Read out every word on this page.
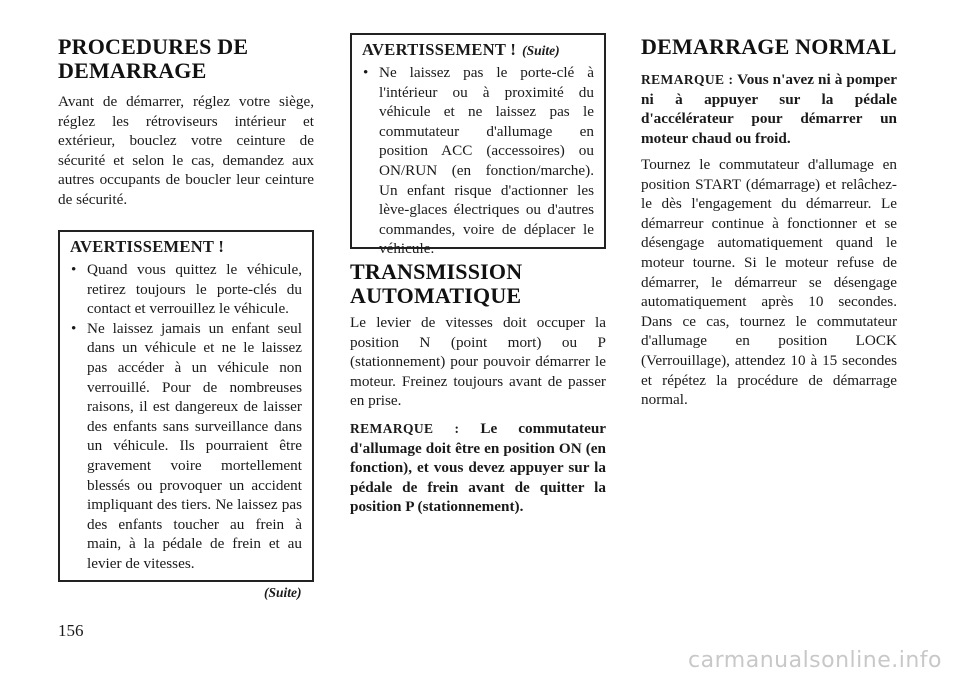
PROCEDURES DE DEMARRAGE

Avant de démarrer, réglez votre siège, réglez les rétroviseurs intérieur et extérieur, bouclez votre ceinture de sécurité et selon le cas, demandez aux autres occupants de boucler leur ceinture de sécurité.

AVERTISSEMENT !
• Quand vous quittez le véhicule, retirez toujours le porte-clés du contact et verrouillez le véhicule.
• Ne laissez jamais un enfant seul dans un véhicule et ne le laissez pas accéder à un véhicule non verrouillé. Pour de nombreuses raisons, il est dangereux de laisser des enfants sans surveillance dans un véhicule. Ils pourraient être gravement voire mortellement blessés ou provoquer un accident impliquant des tiers. Ne laissez pas des enfants toucher au frein à main, à la pédale de frein et au levier de vitesses.
(Suite)
AVERTISSEMENT ! (Suite)
• Ne laissez pas le porte-clé à l'intérieur ou à proximité du véhicule et ne laissez pas le commutateur d'allumage en position ACC (accessoires) ou ON/RUN (en fonction/marche). Un enfant risque d'actionner les lève-glaces électriques ou d'autres commandes, voire de déplacer le véhicule.
TRANSMISSION AUTOMATIQUE

Le levier de vitesses doit occuper la position N (point mort) ou P (stationnement) pour pouvoir démarrer le moteur. Freinez toujours avant de passer en prise.

REMARQUE : Le commutateur d'allumage doit être en position ON (en fonction), et vous devez appuyer sur la pédale de frein avant de quitter la position P (stationnement).

DEMARRAGE NORMAL

REMARQUE : Vous n'avez ni à pomper ni à appuyer sur la pédale d'accélérateur pour démarrer un moteur chaud ou froid.

Tournez le commutateur d'allumage en position START (démarrage) et relâchez-le dès l'engagement du démarreur. Le démarreur continue à fonctionner et se désengage automatiquement quand le moteur tourne. Si le moteur refuse de démarrer, le démarreur se désengage automatiquement après 10 secondes. Dans ce cas, tournez le commutateur d'allumage en position LOCK (Verrouillage), attendez 10 à 15 secondes et répétez la procédure de démarrage normal.

156
carmanualsonline.info
